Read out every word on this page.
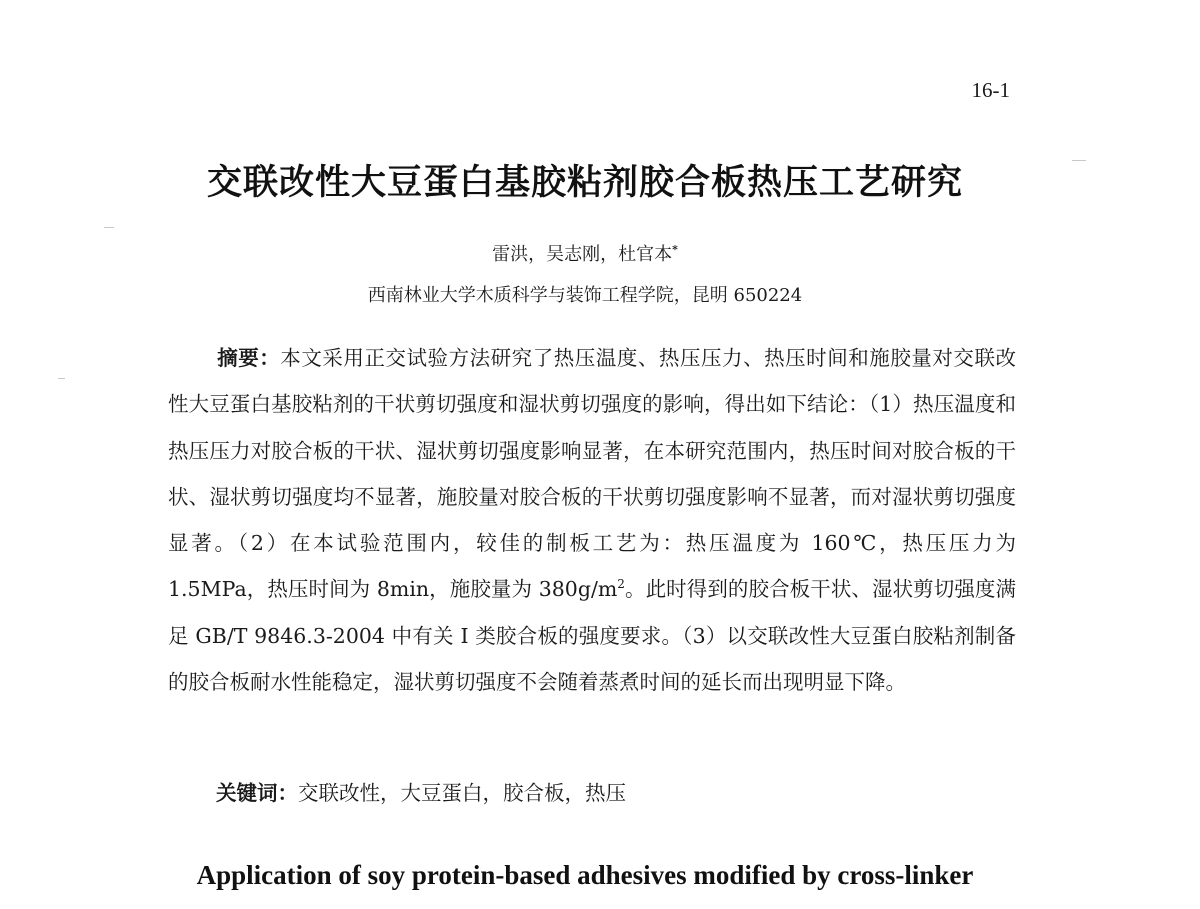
16-1
交联改性大豆蛋白基胶粘剂胶合板热压工艺研究
雷洪，吴志刚，杜官本*
西南林业大学木质科学与装饰工程学院，昆明 650224

摘要：本文采用正交试验方法研究了热压温度、热压压力、热压时间和施胶量对交联改性大豆蛋白基胶粘剂的干状剪切强度和湿状剪切强度的影响，得出如下结论：（1）热压温度和热压压力对胶合板的干状、湿状剪切强度影响显著，在本研究范围内，热压时间对胶合板的干状、湿状剪切强度均不显著，施胶量对胶合板的干状剪切强度影响不显著，而对湿状剪切强度显著。（2）在本试验范围内，较佳的制板工艺为：热压温度为 160℃，热压压力为 1.5MPa，热压时间为 8min，施胶量为 $380g/m^2$。此时得到的胶合板干状、湿状剪切强度满足 GB/T 9846.3-2004 中有关 I 类胶合板的强度要求。（3）以交联改性大豆蛋白胶粘剂制备的胶合板耐水性能稳定，湿状剪切强度不会随着蒸煮时间的延长而出现明显下降。

关键词：交联改性，大豆蛋白，胶合板，热压
Application of soy protein-based adhesives modified by cross-linker
